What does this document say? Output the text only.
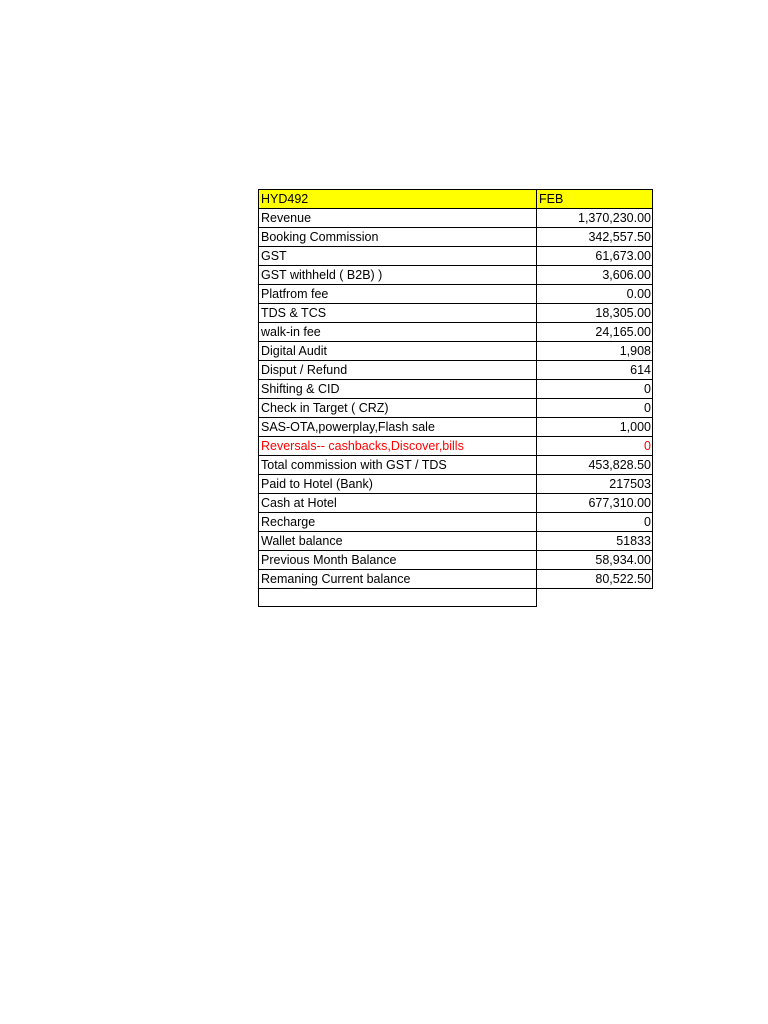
HYD492	FEB
Revenue	1,370,230.00
Booking Commission	342,557.50
GST	61,673.00
GST withheld ( B2B) )	3,606.00
Platfrom fee	0.00
TDS & TCS	18,305.00
walk-in fee	24,165.00
Digital Audit	1,908
Disput / Refund	614
Shifting & CID	0
Check in Target ( CRZ)	0
SAS-OTA,powerplay,Flash sale	1,000
Reversals-- cashbacks,Discover,bills	0
Total commission with GST / TDS	453,828.50
Paid to Hotel (Bank)	217503
Cash at Hotel	677,310.00
Recharge	0
Wallet balance	51833
Previous Month Balance	58,934.00
Remaning Current balance	80,522.50
